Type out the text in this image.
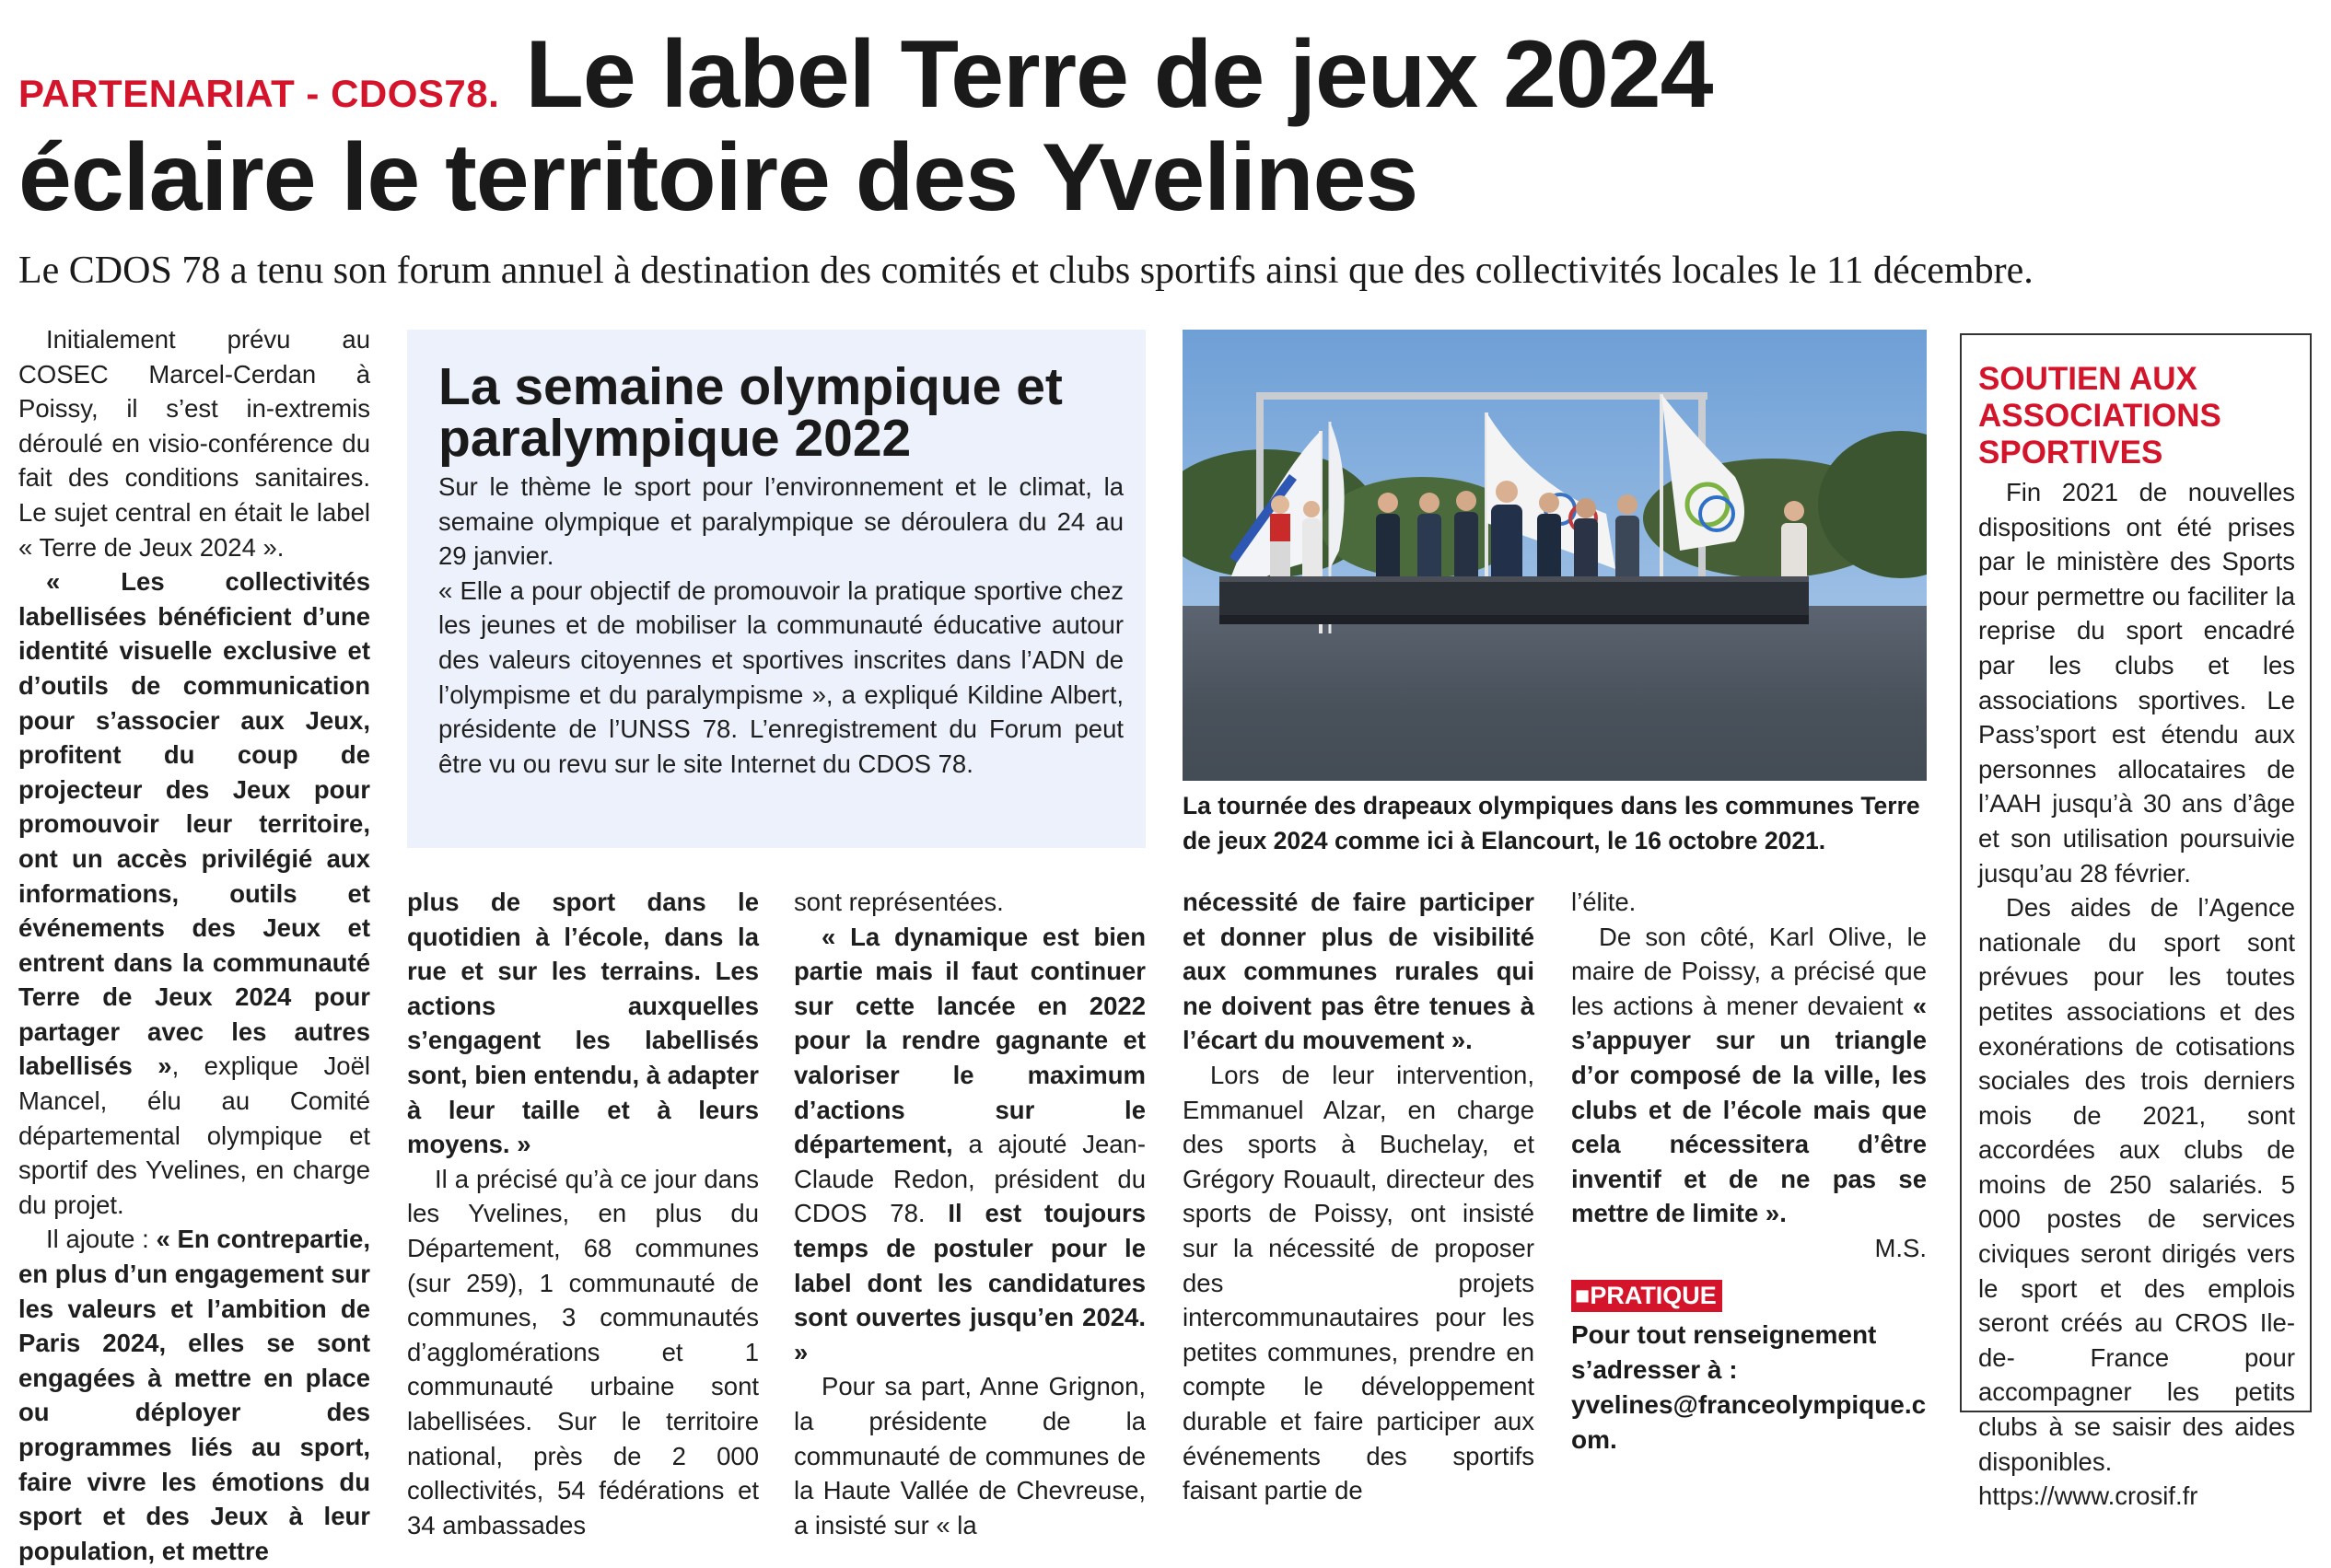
PARTENARIAT - CDOS78. Le label Terre de jeux 2024
éclaire le territoire des Yvelines
Le CDOS 78 a tenu son forum annuel à destination des comités et clubs sportifs ainsi que des collectivités locales le 11 décembre.

Initialement prévu au COSEC Marcel-Cerdan à Poissy, il s’est in-extremis déroulé en visio-conférence du fait des conditions sanitaires. Le sujet central en était le label « Terre de Jeux 2024 ».

« Les collectivités labellisées bénéficient d’une identité visuelle exclusive et d’outils de communication pour s’associer aux Jeux, profitent du coup de projecteur des Jeux pour promouvoir leur territoire, ont un accès privilégié aux informations, outils et événements des Jeux et entrent dans la communauté Terre de Jeux 2024 pour partager avec les autres labellisés », explique Joël Mancel, élu au Comité départemental olympique et sportif des Yvelines, en charge du projet.

Il ajoute : « En contrepartie, en plus d’un engagement sur les valeurs et l’ambition de Paris 2024, elles se sont engagées à mettre en place ou déployer des programmes liés au sport, faire vivre les émotions du sport et des Jeux à leur population, et mettre

La semaine olympique et paralympique 2022

Sur le thème le sport pour l’environnement et le climat, la semaine olympique et paralympique se déroulera du 24 au 29 janvier.

« Elle a pour objectif de promouvoir la pratique sportive chez les jeunes et de mobiliser la communauté éducative autour des valeurs citoyennes et sportives inscrites dans l’ADN de l’olympisme et du paralympisme », a expliqué Kildine Albert, présidente de l’UNSS 78. L’enregistrement du Forum peut être vu ou revu sur le site Internet du CDOS 78.

La tournée des drapeaux olympiques dans les communes Terre de jeux 2024 comme ici à Elancourt, le 16 octobre 2021.

plus de sport dans le quotidien à l’école, dans la rue et sur les terrains. Les actions auxquelles s’engagent les labellisés sont, bien entendu, à adapter à leur taille et à leurs moyens. »

Il a précisé qu’à ce jour dans les Yvelines, en plus du Département, 68 communes (sur 259), 1 communauté de communes, 3 communautés d’agglomérations et 1 communauté urbaine sont labellisées. Sur le territoire national, près de 2 000 collectivités, 54 fédérations et 34 ambassades

sont représentées.

« La dynamique est bien partie mais il faut continuer sur cette lancée en 2022 pour la rendre gagnante et valoriser le maximum d’actions sur le département, a ajouté Jean-Claude Redon, président du CDOS 78. Il est toujours temps de postuler pour le label dont les candidatures sont ouvertes jusqu’en 2024. »

Pour sa part, Anne Grignon, la présidente de la communauté de communes de la Haute Vallée de Chevreuse, a insisté sur « la

nécessité de faire participer et donner plus de visibilité aux communes rurales qui ne doivent pas être tenues à l’écart du mouvement ».

Lors de leur intervention, Emmanuel Alzar, en charge des sports à Buchelay, et Grégory Rouault, directeur des sports de Poissy, ont insisté sur la nécessité de proposer des projets intercommunautaires pour les petites communes, prendre en compte le développement durable et faire participer aux événements des sportifs faisant partie de

l’élite.

De son côté, Karl Olive, le maire de Poissy, a précisé que les actions à mener devaient « s’appuyer sur un triangle d’or composé de la ville, les clubs et de l’école mais que cela nécessitera d’être inventif et de ne pas se mettre de limite ».

M.S.
■PRATIQUE
Pour tout renseignement s’adresser à : yvelines@franceolympique.com.
SOUTIEN AUX ASSOCIATIONS SPORTIVES

Fin 2021 de nouvelles dispositions ont été prises par le ministère des Sports pour permettre ou faciliter la reprise du sport encadré par les clubs et les associations sportives. Le Pass’sport est étendu aux personnes allocataires de l’AAH jusqu’à 30 ans d’âge et son utilisation poursuivie jusqu’au 28 février.

Des aides de l’Agence nationale du sport sont prévues pour les toutes petites associations et des exonérations de cotisations sociales des trois derniers mois de 2021, sont accordées aux clubs de moins de 250 salariés. 5 000 postes de services civiques seront dirigés vers le sport et des emplois seront créés au CROS Ile-de- France pour accompagner les petits clubs à se saisir des aides disponibles. https://www.crosif.fr
